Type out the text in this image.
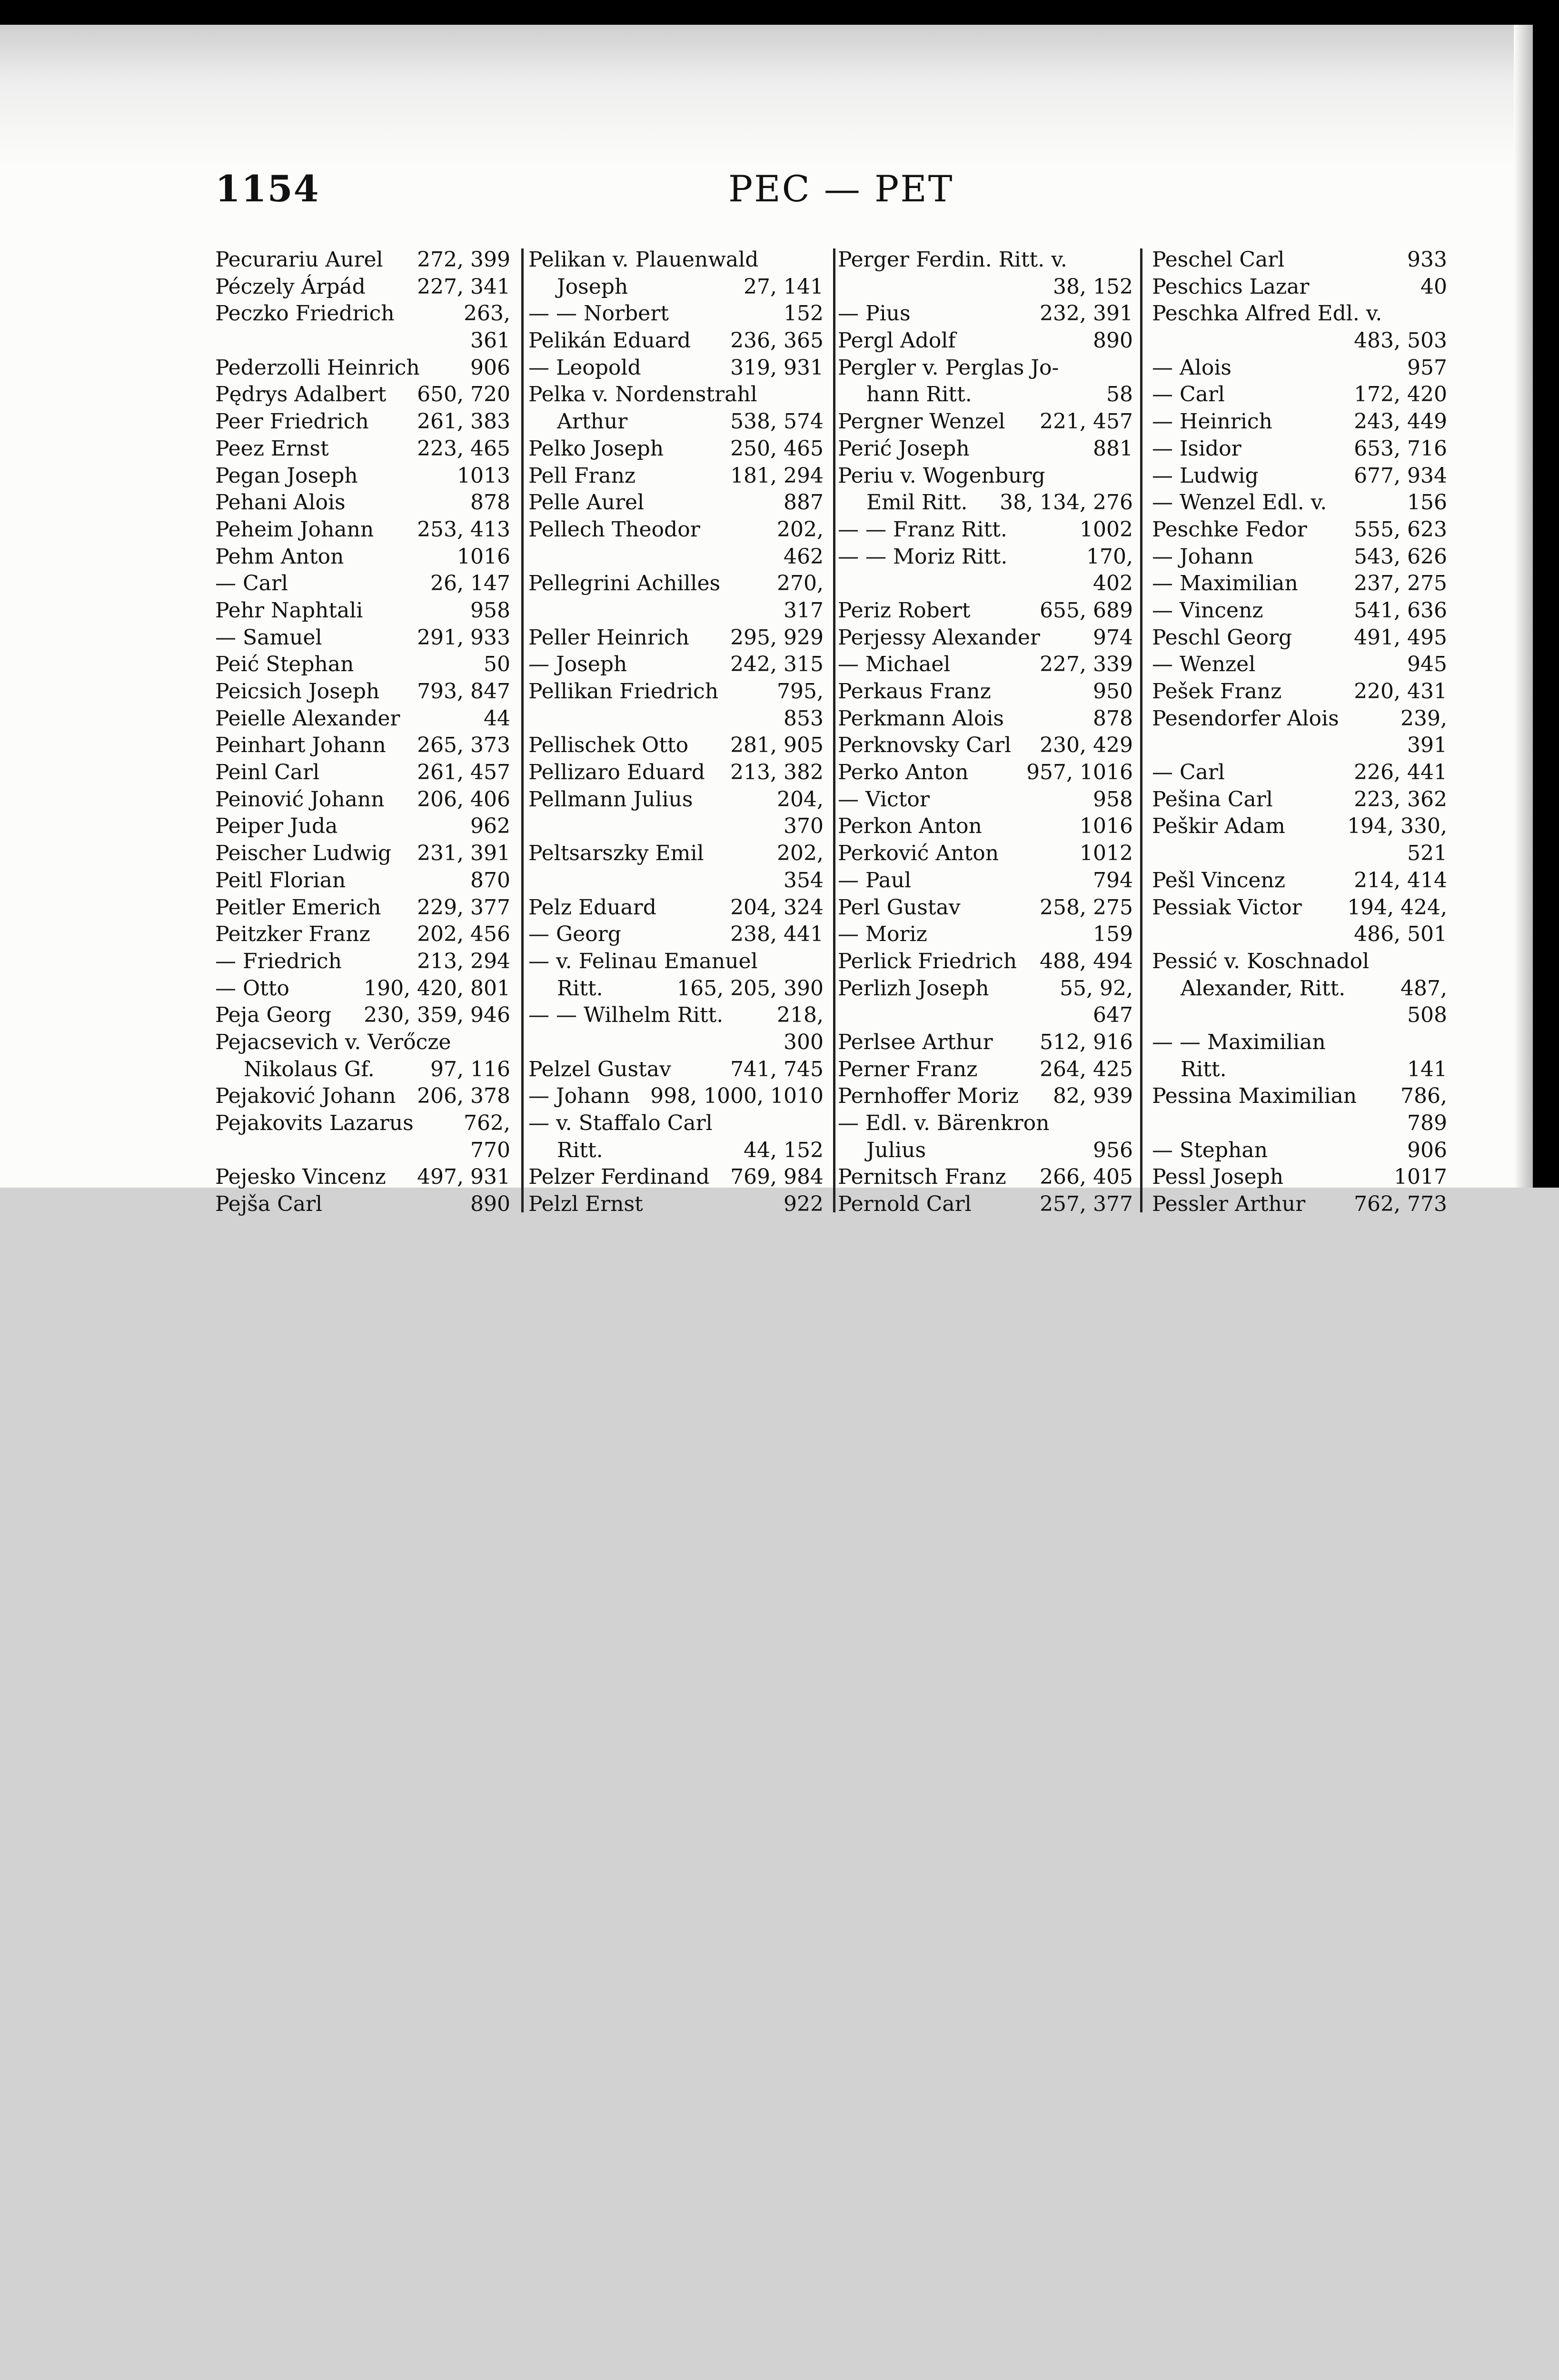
1154	PEC — PET
Pecurariu Aurel 272, 399
Péczely Árpád 227, 341
Peczko Friedrich	263,
361
Pederzolli Heinrich 906
Pędrys Adalbert 650, 720
Peer Friedrich 261, 383
Peez Ernst	223, 465
Pegan Joseph	1013
Pehani Alois	878
Peheim Johann 253, 413
Pehm Anton	1016
— Carl	26, 147
Pehr Naphtali	958
— Samuel	291, 933
Peić Stephan	50
Peicsich Joseph 793, 847
Peielle Alexander	44
Peinhart Johann 265, 373
Peinl Carl	261, 457
Peinović Johann 206, 406
Peiper Juda	962
Peischer Ludwig 231, 391
Peitl Florian	870
Peitler Emerich 229, 377
Peitzker Franz 202, 456
— Friedrich	213, 294
— Otto	190, 420, 801
Peja Georg 230, 359, 946
Pejacsevich v. Verőcze
Nikolaus Gf.	97, 116
Pejaković Johann 206, 378
Pejakovits Lazarus 762,
770
Pejesko Vincenz 497, 931
Pejša Carl	890
Pelikan v. Plauenwald
Joseph	27, 141
— — Norbert	152
Pelikán Eduard 236, 365
— Leopold	319, 931
Pelka v. Nordenstrahl
Arthur	538, 574
Pelko Joseph	250, 465
Pell Franz	181, 294
Pelle Aurel	887
Pellech Theodor	202,
462
Pellegrini Achilles	270,
317
Peller Heinrich 295, 929
— Joseph	242, 315
Pellikan Friedrich	795,
853
Pellischek Otto 281, 905
Pellizaro Eduard 213, 382
Pellmann Julius	204,
370
Peltsarszky Emil	202,
354
Pelz Eduard	204, 324
— Georg	238, 441
— v. Felinau Emanuel
Ritt.	165, 205, 390
— — Wilhelm Ritt.	218,
300
Pelzel Gustav	741, 745
— Johann 998, 1000, 1010
— v. Staffalo Carl
Ritt.	44, 152
Pelzer Ferdinand 769, 984
Pelzl Ernst	922
Perger Ferdin. Ritt. v.
38, 152
— Pius	232, 391
Pergl Adolf	890
Pergler v. Perglas Jo-
hann Ritt.	58
Pergner Wenzel 221, 457
Perić Joseph	881
Periu v. Wogenburg
Emil Ritt. 38, 134, 276
— — Franz Ritt.	1002
— — Moriz Ritt.	170,
402
Periz Robert	655, 689
Perjessy Alexander	974
— Michael	227, 339
Perkaus Franz	950
Perkmann Alois	878
Perknovsky Carl 230, 429
Perko Anton	957, 1016
— Victor	958
Perkon Anton	1016
Perković Anton	1012
— Paul	794
Perl Gustav	258, 275
— Moriz	159
Perlick Friedrich 488, 494
Perlizh Joseph	55, 92,
647
Perlsee Arthur 512, 916
Perner Franz	264, 425
Pernhoffer Moriz 82, 939
— Edl. v. Bärenkron
Julius	956
Pernitsch Franz 266, 405
Pernold Carl	257, 377
Peschel Carl	933
Peschics Lazar	40
Peschka Alfred Edl. v.
483, 503
— Alois	957
— Carl	172, 420
— Heinrich	243, 449
— Isidor	653, 716
— Ludwig	677, 934
— Wenzel Edl. v.	156
Peschke Fedor 555, 623
— Johann	543, 626
— Maximilian	237, 275
— Vincenz	541, 636
Peschl Georg	491, 495
— Wenzel	945
Pešek Franz	220, 431
Pesendorfer Alois	239,
391
— Carl	226, 441
Pešina Carl	223, 362
Peškir Adam	194, 330,
521
Pešl Vincenz	214, 414
Pessiak Victor 194, 424,
486, 501
Pessić v. Koschnadol
Alexander, Ritt.	487,
508
— — Maximilian
Ritt.	141
Pessina Maximilian 786,
789
— Stephan	906
Pessl Joseph	1017
Pessler Arthur 762, 773
